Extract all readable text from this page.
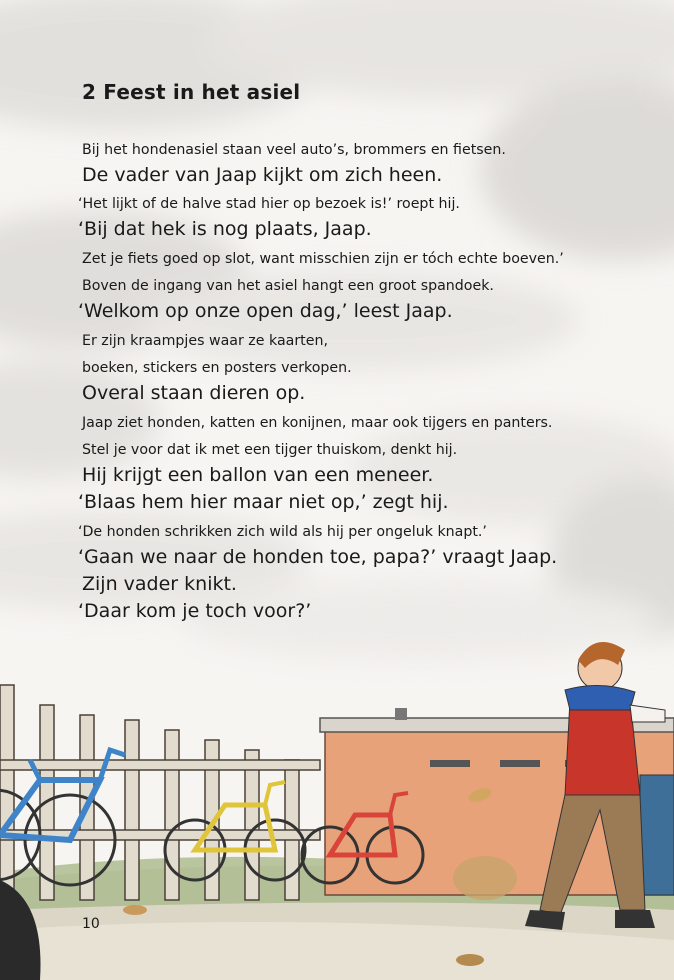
2 Feest in het asiel
Bij het hondenasiel staan veel auto’s, brommers en fietsen.
De vader van Jaap kijkt om zich heen.
‘Het lijkt of de halve stad hier op bezoek is!’ roept hij.
‘Bij dat hek is nog plaats, Jaap.
Zet je fiets goed op slot, want misschien zijn er tóch echte boeven.’
Boven de ingang van het asiel hangt een groot spandoek.
‘Welkom op onze open dag,’ leest Jaap.
Er zijn kraampjes waar ze kaarten,
boeken, stickers en posters verkopen.
Overal staan dieren op.
Jaap ziet honden, katten en konijnen, maar ook tijgers en panters.
Stel je voor dat ik met een tijger thuiskom, denkt hij.
Hij krijgt een ballon van een meneer.
‘Blaas hem hier maar niet op,’ zegt hij.
‘De honden schrikken zich wild als hij per ongeluk knapt.’
‘Gaan we naar de honden toe, papa?’ vraagt Jaap.
Zijn vader knikt.
‘Daar kom je toch voor?’
10
